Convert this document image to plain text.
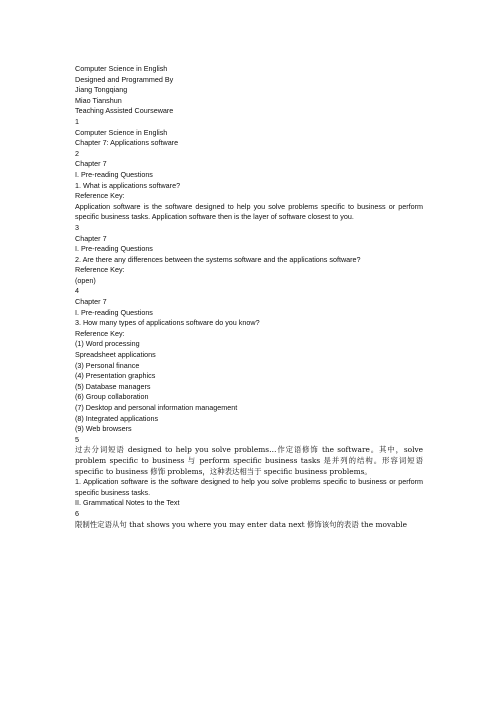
Computer Science in English
Designed and Programmed By
Jiang Tongqiang
Miao Tianshun
Teaching Assisted Courseware
1
Computer Science in English
Chapter 7: Applications software
2
Chapter 7
I. Pre-reading Questions
1. What is applications software?
Reference Key:
Application software is the software designed to help you solve problems specific to business or perform specific business tasks. Application software then is the layer of software closest to you.
3
Chapter 7
I. Pre-reading Questions
2. Are there any differences between the systems software and the applications software?
Reference Key:
(open)
4
Chapter 7
I. Pre-reading Questions
3. How many types of applications software do you know?
Reference Key:
(1) Word processing
Spreadsheet applications
(3) Personal finance
(4) Presentation graphics
(5) Database managers
(6) Group collaboration
(7) Desktop and personal information management
(8) Integrated applications
(9) Web browsers
5
过去分词短语 designed to help you solve problems…作定语修饰 the software。其中，solve problem specific to business 与 perform specific business tasks 是并列的结构。形容词短语 specific to business 修饰 problems，这种表达相当于 specific business problems。
1. Application software is the software designed to help you solve problems specific to business or perform specific business tasks.
II. Grammatical Notes to the Text
6
限制性定语从句 that shows you where you may enter data next 修饰该句的表语 the movable
